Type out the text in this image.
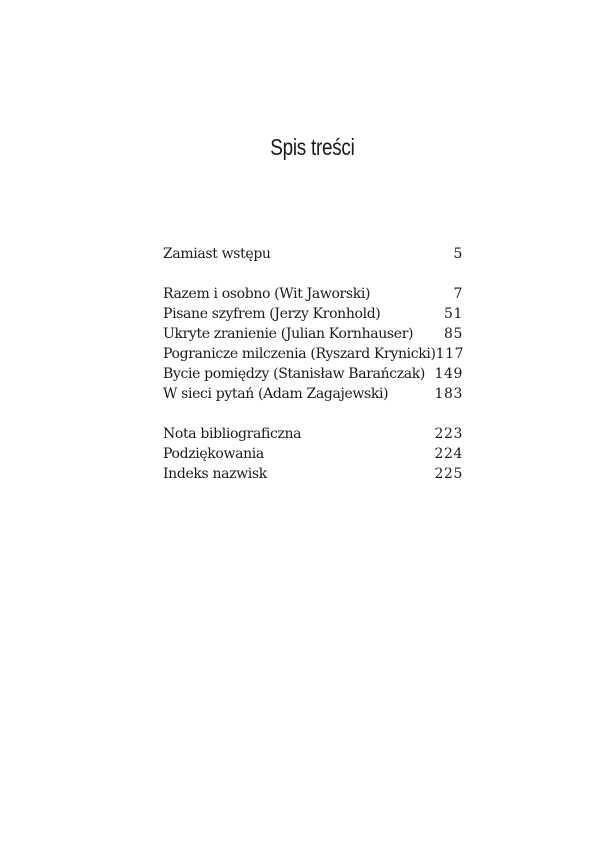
Spis treści
Zamiast wstępu	5
Razem i osobno (Wit Jaworski)	7
Pisane szyfrem (Jerzy Kronhold)	51
Ukryte zranienie (Julian Kornhauser) 85
Pogranicze milczenia (Ryszard Krynicki) 117
Bycie pomiędzy (Stanisław Barańczak) 149
W sieci pytań (Adam Zagajewski)	183
Nota bibliograficzna	223
Podziękowania	224
Indeks nazwisk	225
